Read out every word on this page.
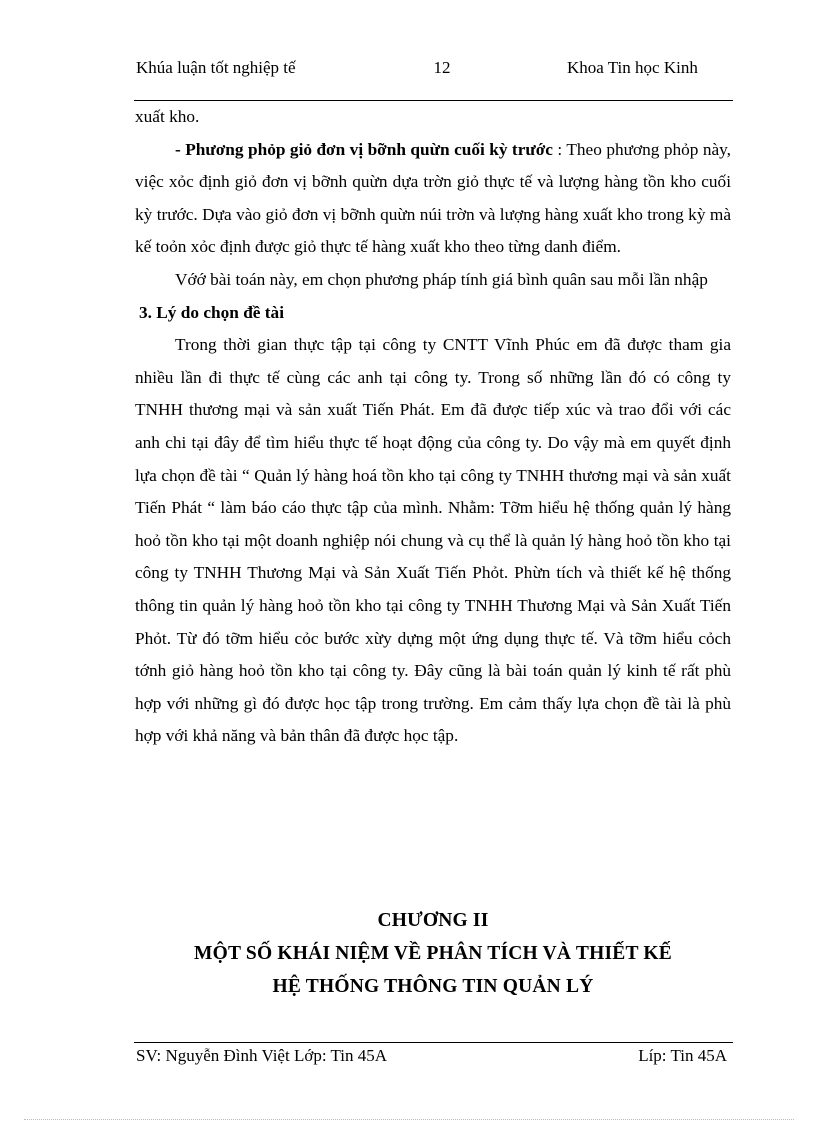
Khúa luận tốt nghiệp tế	12	Khoa Tin học Kinh

xuất kho.

- Phương phỏp giỏ đơn vị bỡnh quừn cuối kỳ trước : Theo phương phỏp này, việc xỏc định giỏ đơn vị bỡnh quừn dựa trờn giỏ thực tế và lượng hàng tồn kho cuối kỳ trước. Dựa vào giỏ đơn vị bỡnh quừn núi trờn và lượng hàng xuất kho trong kỳ mà kế toỏn xỏc định được giỏ thực tế hàng xuất kho theo từng danh điểm.

Vớớ bài toán này, em chọn phương pháp tính giá bình quân sau mỗi lần nhập

3. Lý do chọn đề tài

Trong thời gian thực tập tại công ty CNTT Vĩnh Phúc em đã được tham gia nhiều lần đi thực tế cùng các anh tại công ty. Trong số những lần đó có công ty TNHH thương mại và sản xuất Tiến Phát. Em đã được tiếp xúc và trao đổi với các anh chi tại đây để tìm hiểu thực tế hoạt động của công ty. Do vậy mà em quyết định lựa chọn đề tài “ Quản lý hàng hoá tồn kho tại công ty TNHH thương mại và sản xuất Tiến Phát “ làm báo cáo thực tập của mình. Nhằm: Tỡm hiểu hệ thống quản lý hàng hoỏ tồn kho tại một doanh nghiệp nói chung và cụ thể là quản lý hàng hoỏ tồn kho tại công ty TNHH Thương Mại và Sản Xuất Tiến Phỏt. Phừn tích và thiết kế hệ thống thông tin quản lý hàng hoỏ tồn kho tại công ty TNHH Thương Mại và Sản Xuất Tiến Phỏt. Từ đó tỡm hiểu cỏc bước xừy dựng một ứng dụng thực tế. Và tỡm hiểu cỏch tớnh giỏ hàng hoỏ tồn kho tại công ty. Đây cũng là bài toán quản lý kinh tế rất phù hợp với những gì đó được học tập trong trường. Em cảm thấy lựa chọn đề tài là phù hợp với khả năng và bản thân đã được học tập.

CHƯƠNG II
MỘT SỐ KHÁI NIỆM VỀ PHÂN TÍCH VÀ THIẾT KẾ
HỆ THỐNG THÔNG TIN QUẢN LÝ
SV: Nguyễn Đình Việt Lớp: Tin 45A	Líp: Tin 45A
